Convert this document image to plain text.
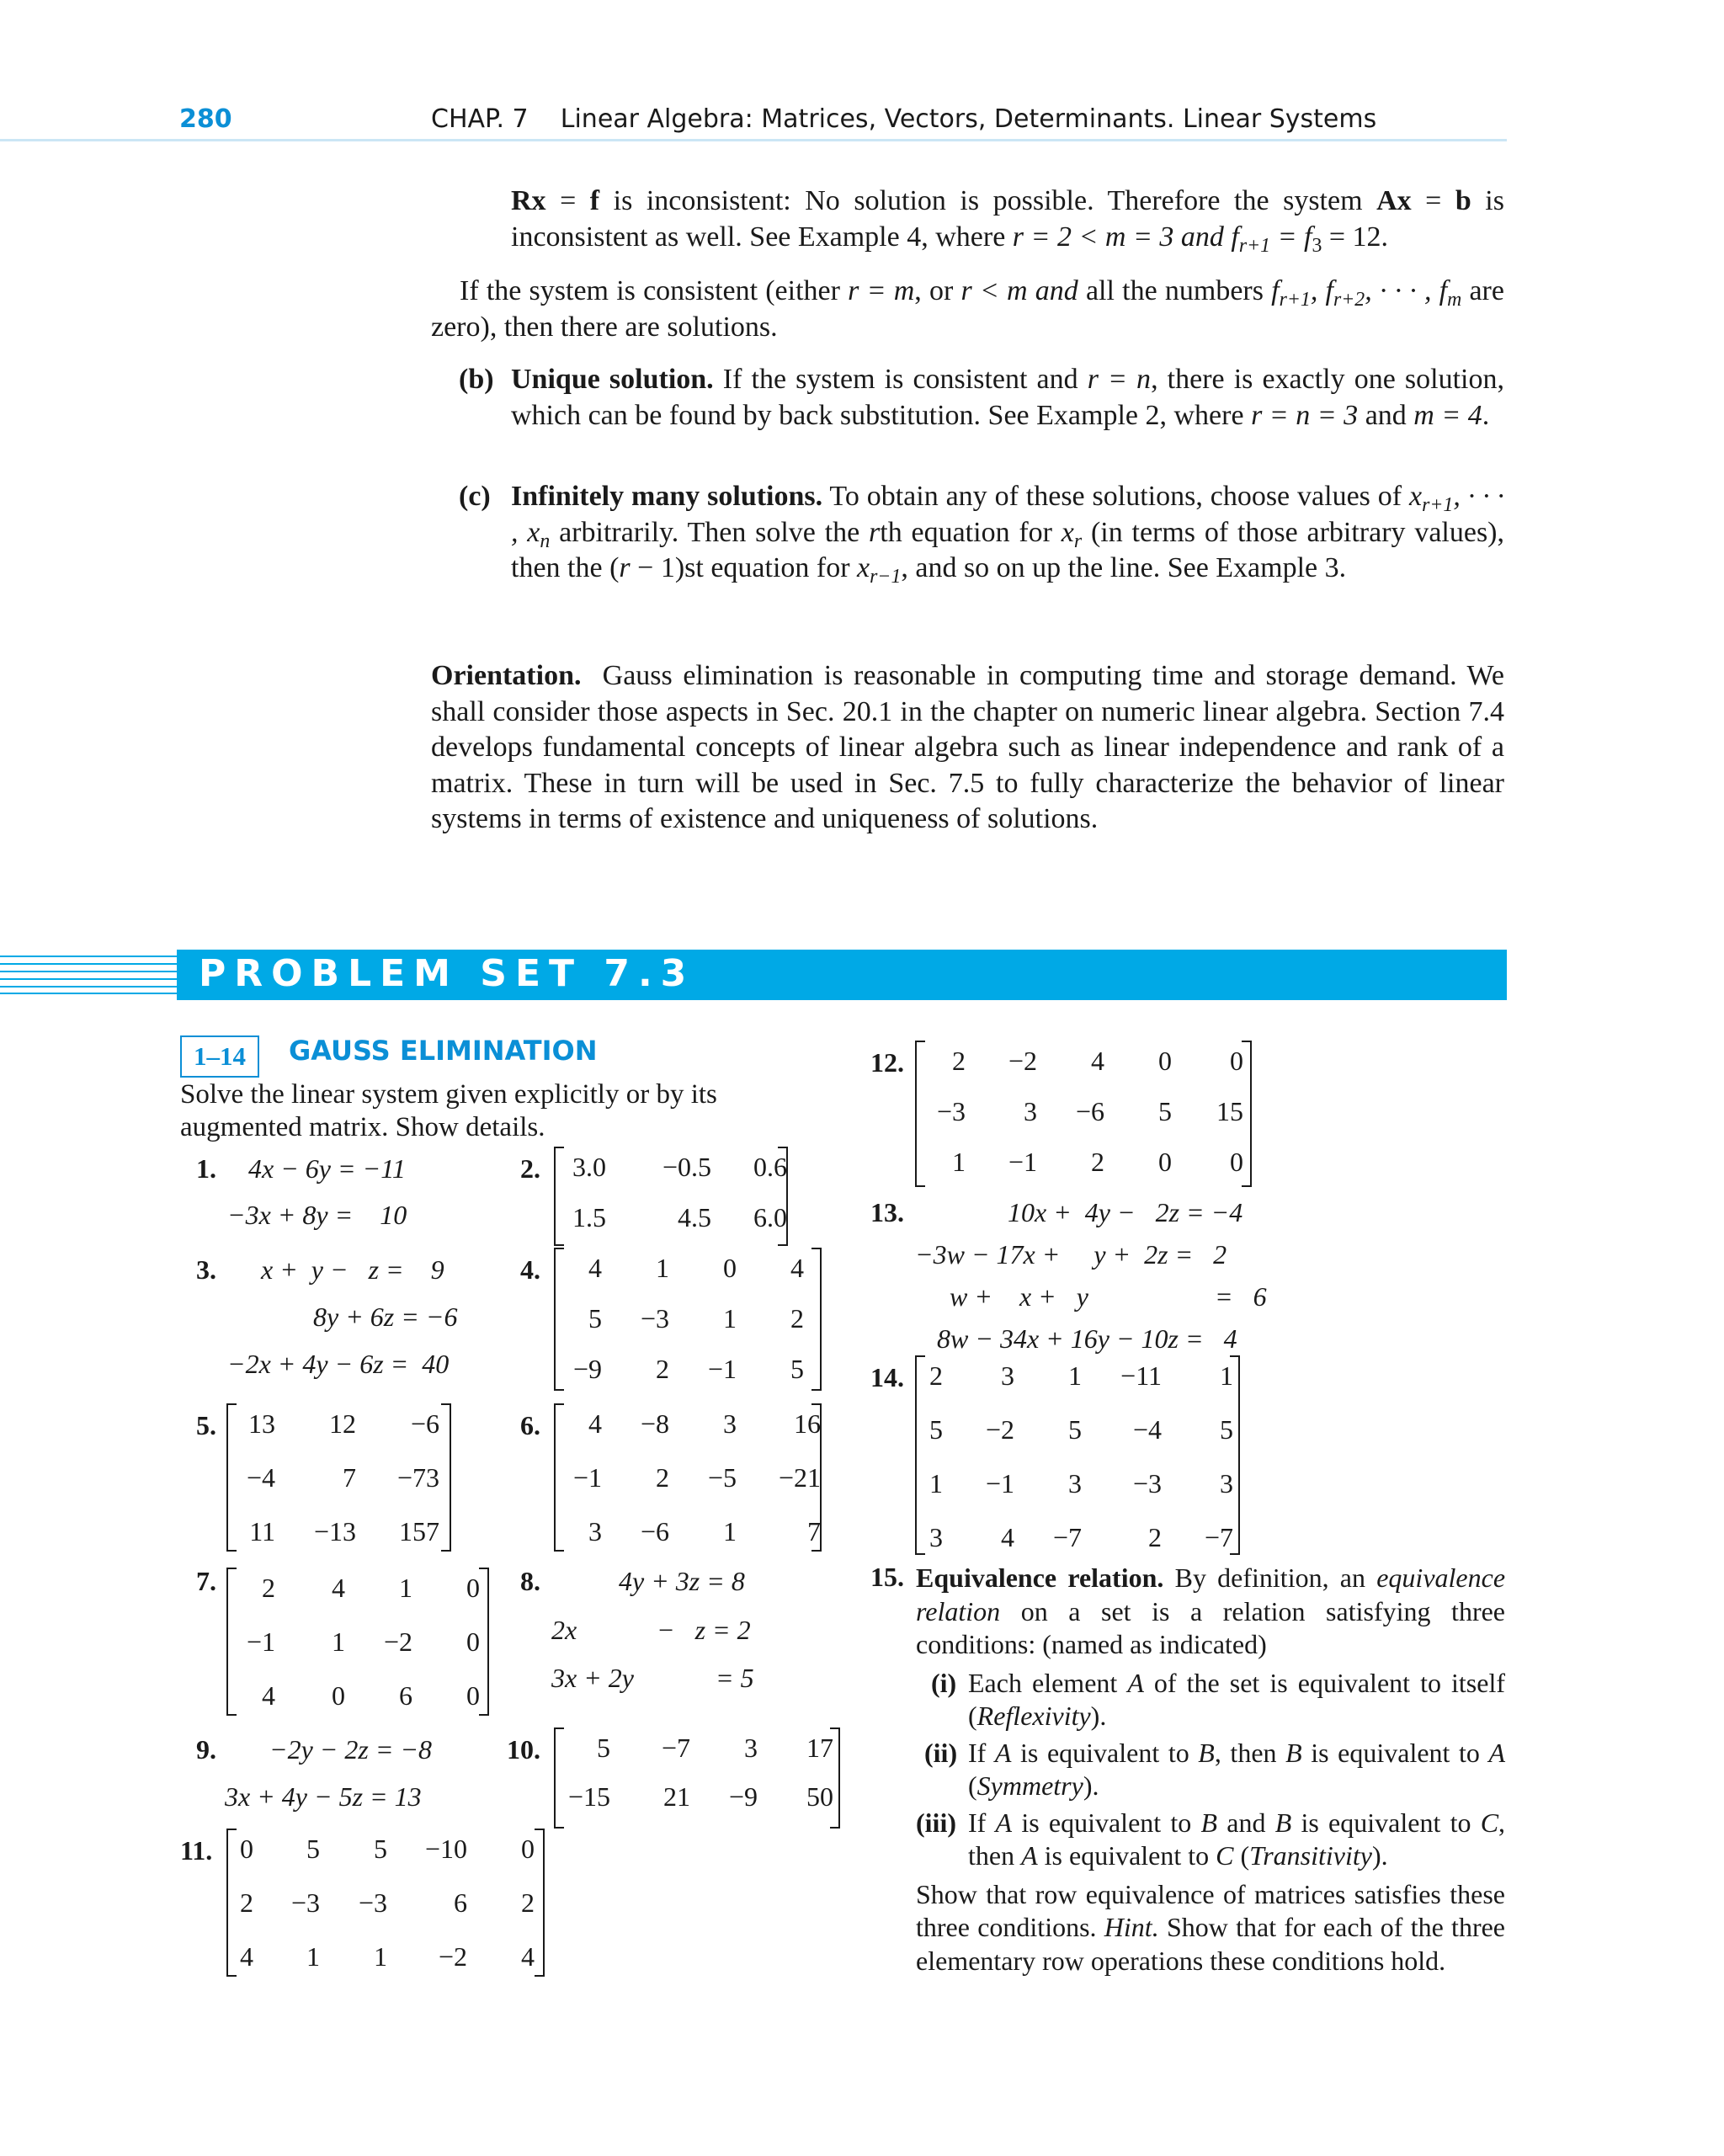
280	CHAP. 7    Linear Algebra: Matrices, Vectors, Determinants. Linear Systems

Rx = f is inconsistent: No solution is possible. Therefore the system Ax = b is inconsistent as well. See Example 4, where r = 2 < m = 3 and $f_{r+1} = f_3 = 12$.

If the system is consistent (either r = m, or r < m and all the numbers $f_{r+1}$, $f_{r+2}$, · · · , $f_m$ are zero), then there are solutions.

(b) Unique solution. If the system is consistent and r = n, there is exactly one solution, which can be found by back substitution. See Example 2, where r = n = 3 and m = 4.
(c) Infinitely many solutions. To obtain any of these solutions, choose values of $x_{r+1}$, · · · , $x_n$ arbitrarily. Then solve the rth equation for $x_r$ (in terms of those arbitrary values), then the (r − 1)st equation for $x_{r-1}$, and so on up the line. See Example 3.

Orientation.  Gauss elimination is reasonable in computing time and storage demand. We shall consider those aspects in Sec. 20.1 in the chapter on numeric linear algebra. Section 7.4 develops fundamental concepts of linear algebra such as linear independence and rank of a matrix. These in turn will be used in Sec. 7.5 to fully characterize the behavior of linear systems in terms of existence and uniqueness of solutions.

PROBLEM SET 7.3
1–14	GAUSS ELIMINATION
Solve the linear system given explicitly or by its augmented matrix. Show details.
1.	2.
3.	4.
5.	6.
7.	8.
9.	10.
11.
12.
13.
14.
15.
4x − 6y = −11
−3x + 8y =    10
x +  y −   z =    9
8y + 6z = −6
−2x + 4y − 6z =  40
4y + 3z = 8
2x	−   z = 2
3x + 2y	= 5
−2y − 2z = −8
3x + 4y − 5z = 13
10x +  4y −   2z = −4
−3w − 17x +     y +  2z =   2
w +    x +   y	=   6
8w − 34x + 16y − 10z =   4
3.0	−0.5	0.6
1.5	4.5	6.0
4	1	0	4
5	−3	1	2
−9	2	−1	5
13	12	−6
−4	7	−73
11	−13	157
4	−8	3	16
−1	2	−5	−21
3	−6	1	7
2	4	1	0
−1	1	−2	0
4	0	6	0
5	−7	3	17
−15	21	−9	50
0	5	5	−10	0
2	−3	−3	6	2
4	1	1	−2	4
2	−2	4	0	0
−3	3	−6	5	15
1	−1	2	0	0
2	3	1	−11	1
5	−2	5	−4	5
1	−1	3	−3	3
3	4	−7	2	−7
Equivalence relation. By definition, an equivalence relation on a set is a relation satisfying three conditions: (named as indicated)
(i) Each element A of the set is equivalent to itself (Reflexivity).
(ii) If A is equivalent to B, then B is equivalent to A (Symmetry).
(iii) If A is equivalent to B and B is equivalent to C, then A is equivalent to C (Transitivity).
Show that row equivalence of matrices satisfies these three conditions. Hint. Show that for each of the three elementary row operations these conditions hold.
